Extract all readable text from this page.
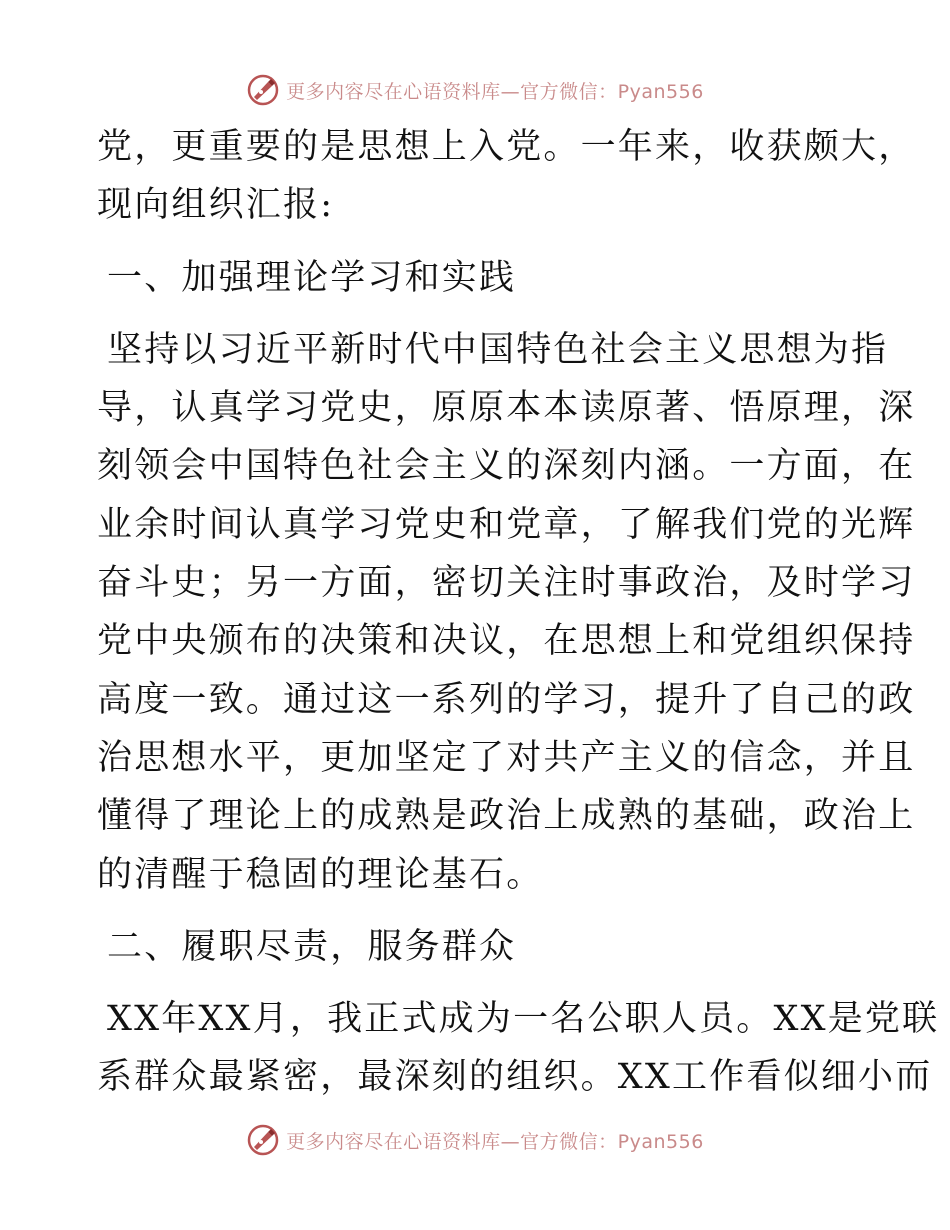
更多内容尽在心语资料库—官方微信：Pyan556
党，更重要的是思想上入党。一年来，收获颇大，
现向组织汇报:
一、加强理论学习和实践
坚持以习近平新时代中国特色社会主义思想为指
导，认真学习党史，原原本本读原著、悟原理，深
刻领会中国特色社会主义的深刻内涵。一方面，在
业余时间认真学习党史和党章，了解我们党的光辉
奋斗史；另一方面，密切关注时事政治，及时学习
党中央颁布的决策和决议，在思想上和党组织保持
高度一致。通过这一系列的学习，提升了自己的政
治思想水平，更加坚定了对共产主义的信念，并且
懂得了理论上的成熟是政治上成熟的基础，政治上
的清醒于稳固的理论基石。
二、履职尽责，服务群众
XX年XX月，我正式成为一名公职人员。XX是党联
系群众最紧密，最深刻的组织。XX工作看似细小而
更多内容尽在心语资料库—官方微信：Pyan556
